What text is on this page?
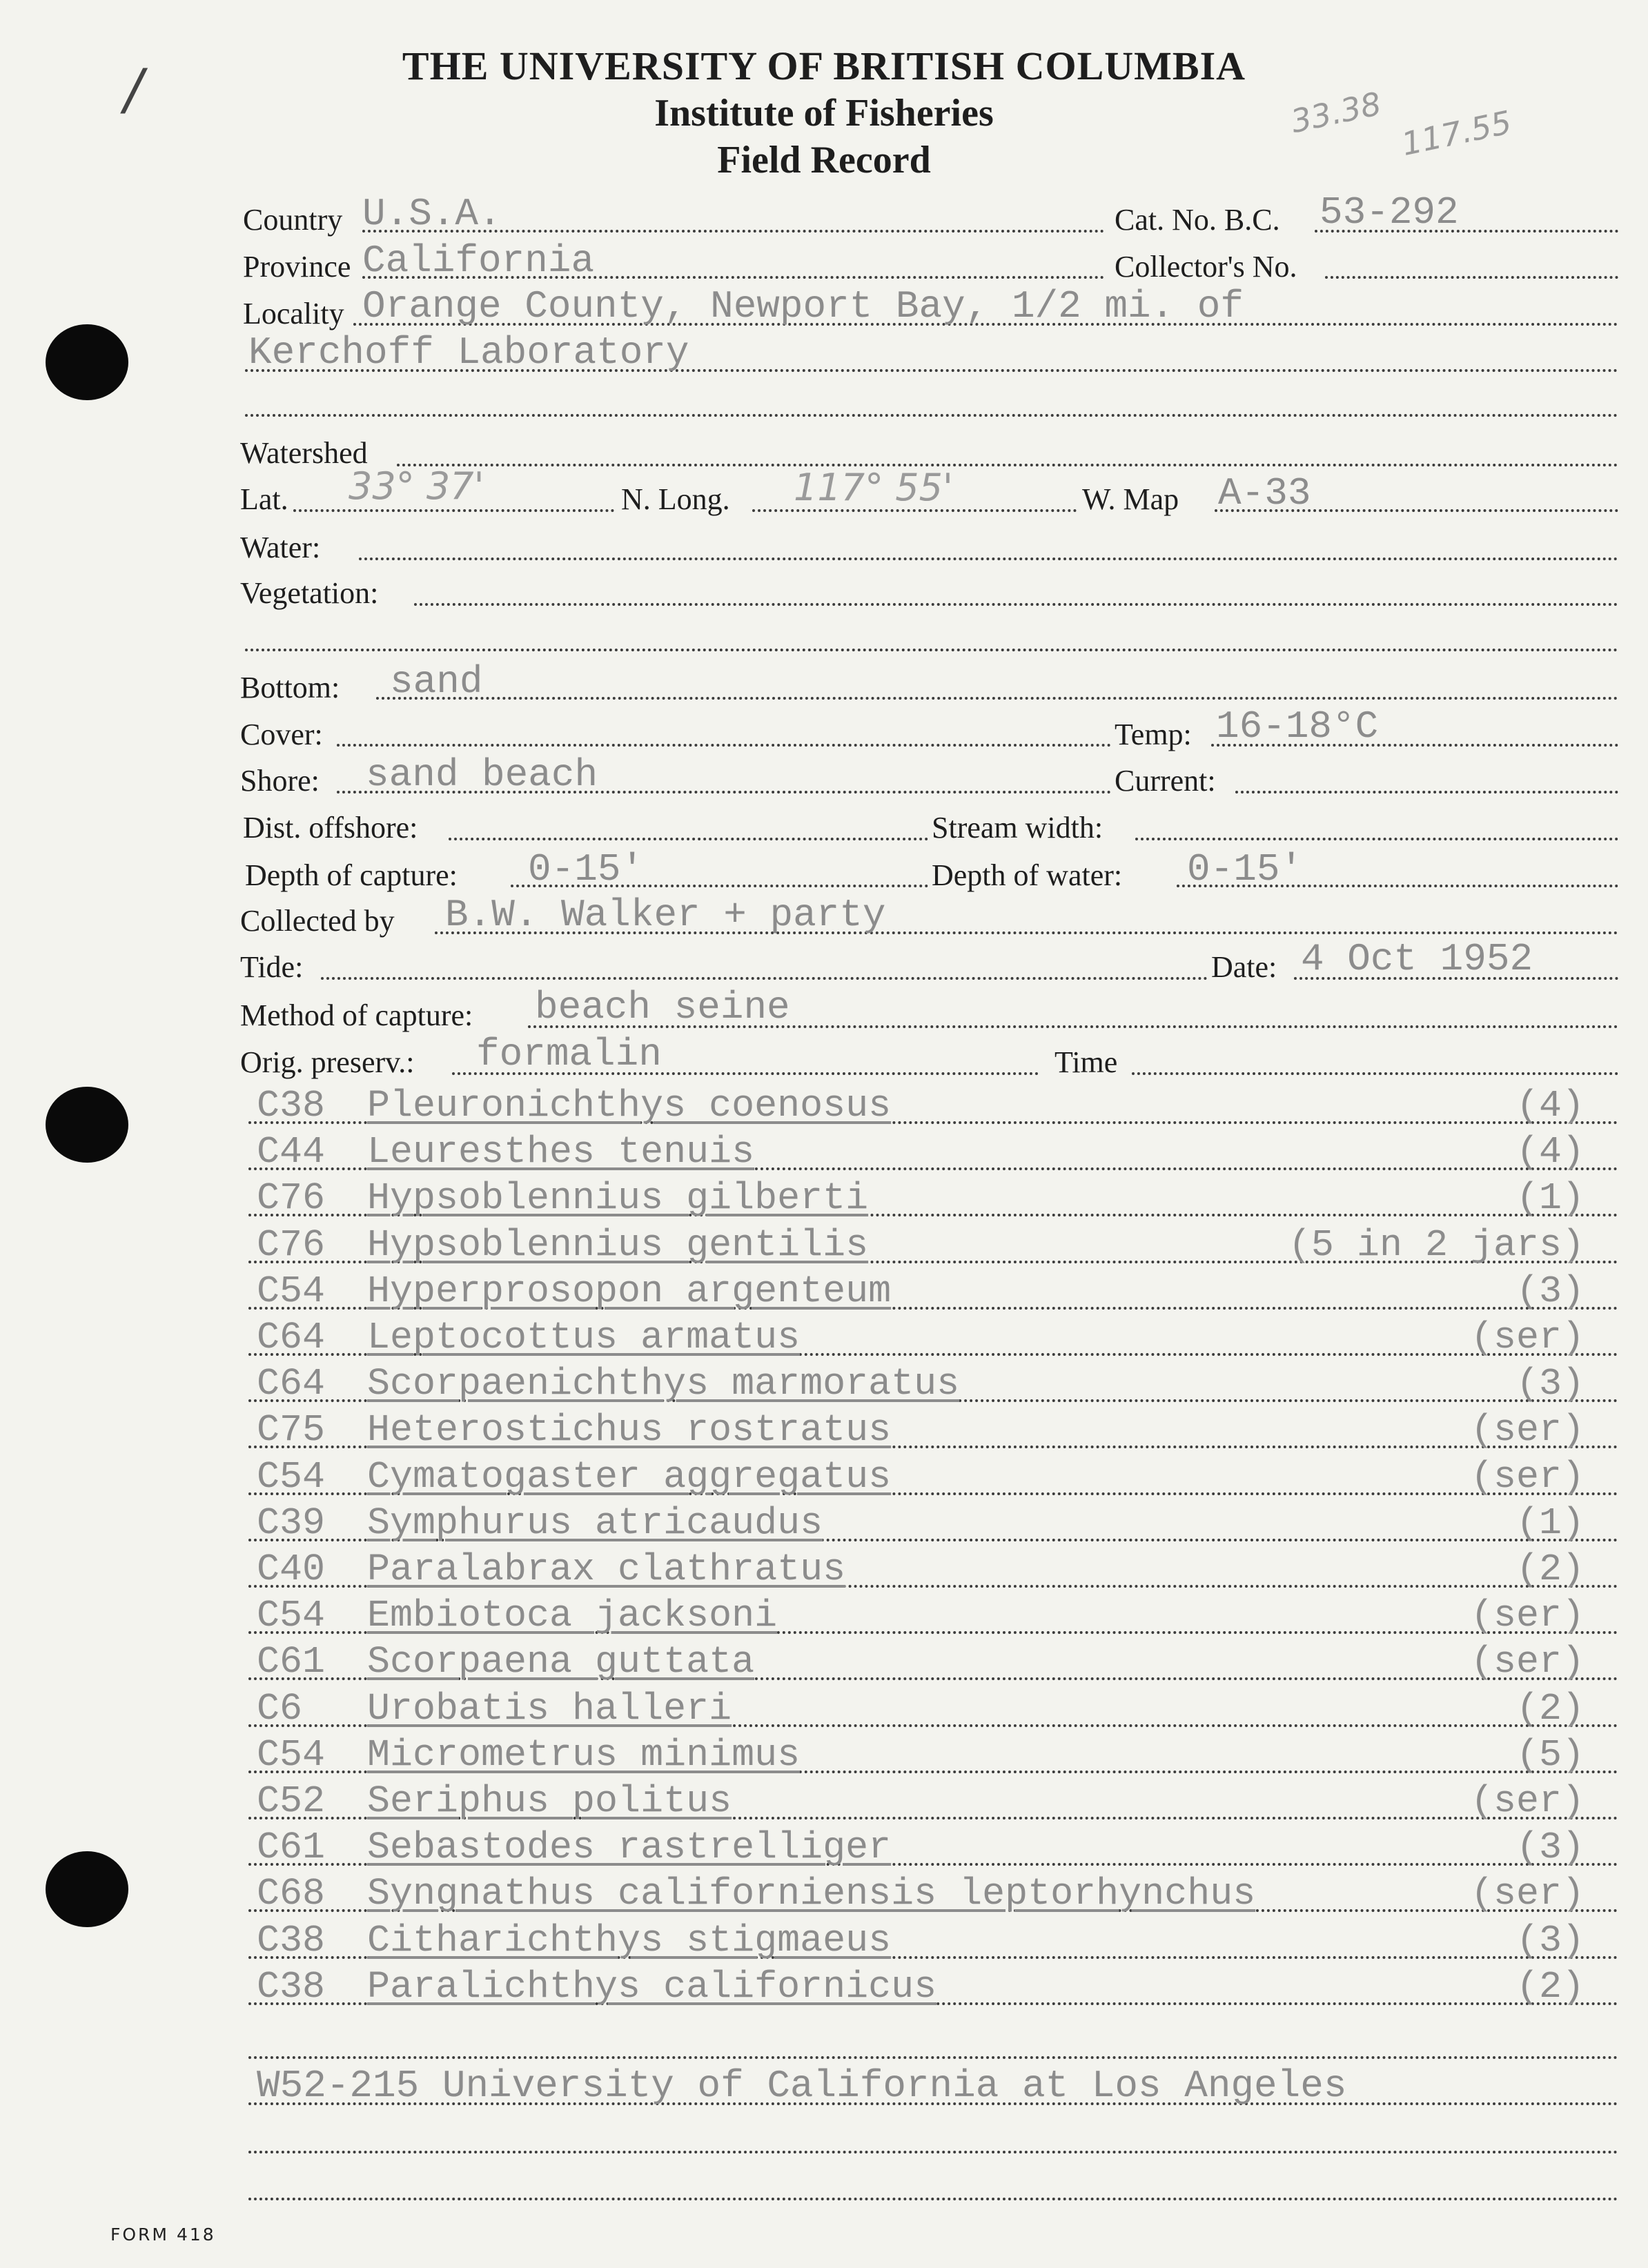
/	33.38 117.55
THE UNIVERSITY OF BRITISH COLUMBIA
Institute of Fisheries
Field Record
Country U.S.A.	Cat. No. B.C. 53-292
Province California	Collector's No.
Locality Orange County, Newport Bay, 1/2 mi. of
Kerchoff Laboratory
Watershed
Lat. 33° 37'	N. Long. 117° 55'	W. Map A-33
Water:
Vegetation:
Bottom: sand
Cover:	Temp: 16-18°C
Shore: sand beach	Current:
Dist. offshore:	Stream width:
Depth of capture: 0-15'	Depth of water: 0-15'
Collected by B.W. Walker + party
Tide:	Date: 4 Oct 1952
Method of capture: beach seine
Orig. preserv.: formalin	Time
C38 Pleuronichthys coenosus	(4)
C44 Leuresthes tenuis	(4)
C76 Hypsoblennius gilberti	(1)
C76 Hypsoblennius gentilis	(5 in 2 jars)
C54 Hyperprosopon argenteum	(3)
C64 Leptocottus armatus	(ser)
C64 Scorpaenichthys marmoratus	(3)
C75 Heterostichus rostratus	(ser)
C54 Cymatogaster aggregatus	(ser)
C39 Symphurus atricaudus	(1)
C40 Paralabrax clathratus	(2)
C54 Embiotoca jacksoni	(ser)
C61 Scorpaena guttata	(ser)
C6 Urobatis halleri	(2)
C54 Micrometrus minimus	(5)
C52 Seriphus politus	(ser)
C61 Sebastodes rastrelliger	(3)
C68 Syngnathus californiensis leptorhynchus	(ser)
C38 Citharichthys stigmaeus	(3)
C38 Paralichthys californicus	(2)
W52-215 University of California at Los Angeles
FORM 418
